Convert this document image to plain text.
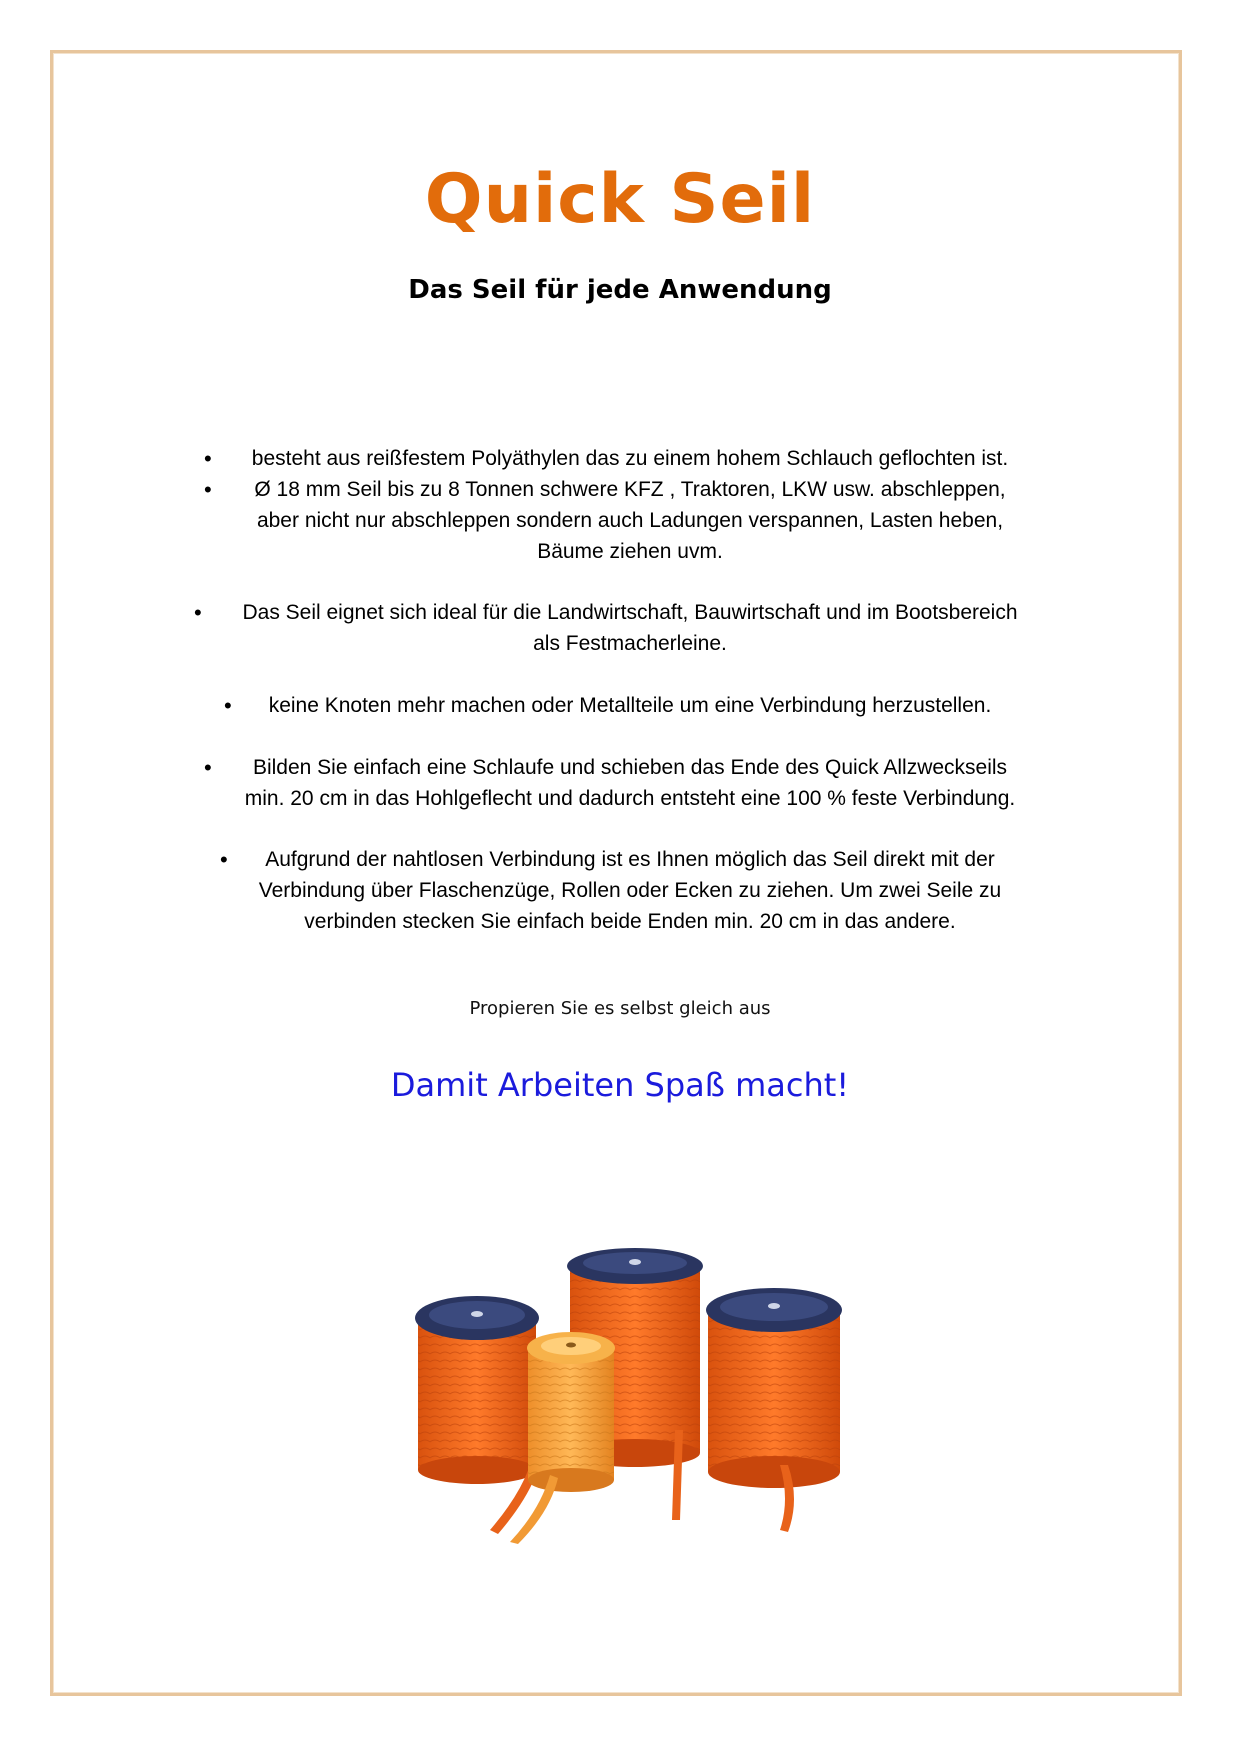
Quick Seil
Das Seil für jede Anwendung
•	besteht aus reißfestem Polyäthylen das zu einem hohem Schlauch geflochten ist.
•	Ø 18 mm Seil bis zu 8 Tonnen schwere KFZ , Traktoren, LKW usw. abschleppen,
aber nicht nur abschleppen sondern auch Ladungen verspannen, Lasten heben,
Bäume ziehen uvm.
•	Das Seil eignet sich ideal für die Landwirtschaft, Bauwirtschaft und im Bootsbereich
als Festmacherleine.
•	keine Knoten mehr machen oder Metallteile um eine Verbindung herzustellen.
•	Bilden Sie einfach eine Schlaufe und schieben das Ende des Quick Allzweckseils
min. 20 cm in das Hohlgeflecht und dadurch entsteht eine 100 % feste Verbindung.
•	Aufgrund der nahtlosen Verbindung ist es Ihnen möglich das Seil direkt mit der
Verbindung über Flaschenzüge, Rollen oder Ecken zu ziehen. Um zwei Seile zu
verbinden stecken Sie einfach beide Enden min. 20 cm in das andere.
Propieren Sie es selbst gleich aus
Damit Arbeiten Spaß macht!
